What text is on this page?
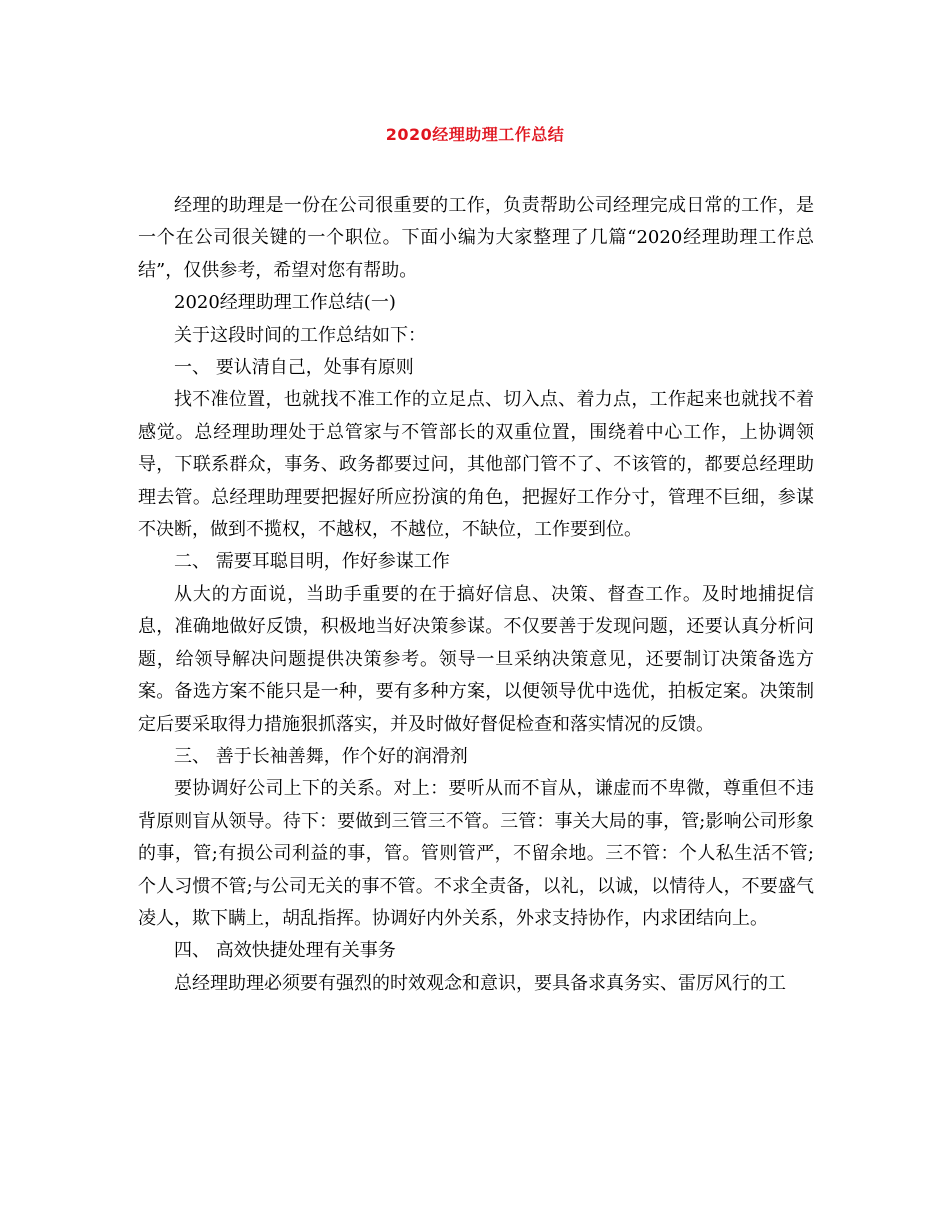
2020经理助理工作总结

经理的助理是一份在公司很重要的工作，负责帮助公司经理完成日常的工作，是一个在公司很关键的一个职位。下面小编为大家整理了几篇“2020经理助理工作总结”，仅供参考，希望对您有帮助。

2020经理助理工作总结(一)

关于这段时间的工作总结如下：

一、 要认清自己，处事有原则

找不准位置，也就找不准工作的立足点、切入点、着力点，工作起来也就找不着感觉。总经理助理处于总管家与不管部长的双重位置，围绕着中心工作，上协调领导，下联系群众，事务、政务都要过问，其他部门管不了、不该管的，都要总经理助理去管。总经理助理要把握好所应扮演的角色，把握好工作分寸，管理不巨细，参谋不决断，做到不揽权，不越权，不越位，不缺位，工作要到位。

二、 需要耳聪目明，作好参谋工作

从大的方面说，当助手重要的在于搞好信息、决策、督查工作。及时地捕捉信息，准确地做好反馈，积极地当好决策参谋。不仅要善于发现问题，还要认真分析问题，给领导解决问题提供决策参考。领导一旦采纳决策意见，还要制订决策备选方案。备选方案不能只是一种，要有多种方案，以便领导优中选优，拍板定案。决策制定后要采取得力措施狠抓落实，并及时做好督促检查和落实情况的反馈。

三、 善于长袖善舞，作个好的润滑剂

要协调好公司上下的关系。对上：要听从而不盲从，谦虚而不卑微，尊重但不违背原则盲从领导。待下：要做到三管三不管。三管：事关大局的事，管;影响公司形象的事，管;有损公司利益的事，管。管则管严，不留余地。三不管：个人私生活不管;个人习惯不管;与公司无关的事不管。不求全责备，以礼，以诚，以情待人，不要盛气凌人，欺下瞒上，胡乱指挥。协调好内外关系，外求支持协作，内求团结向上。

四、 高效快捷处理有关事务

总经理助理必须要有强烈的时效观念和意识，要具备求真务实、雷厉风行的工
